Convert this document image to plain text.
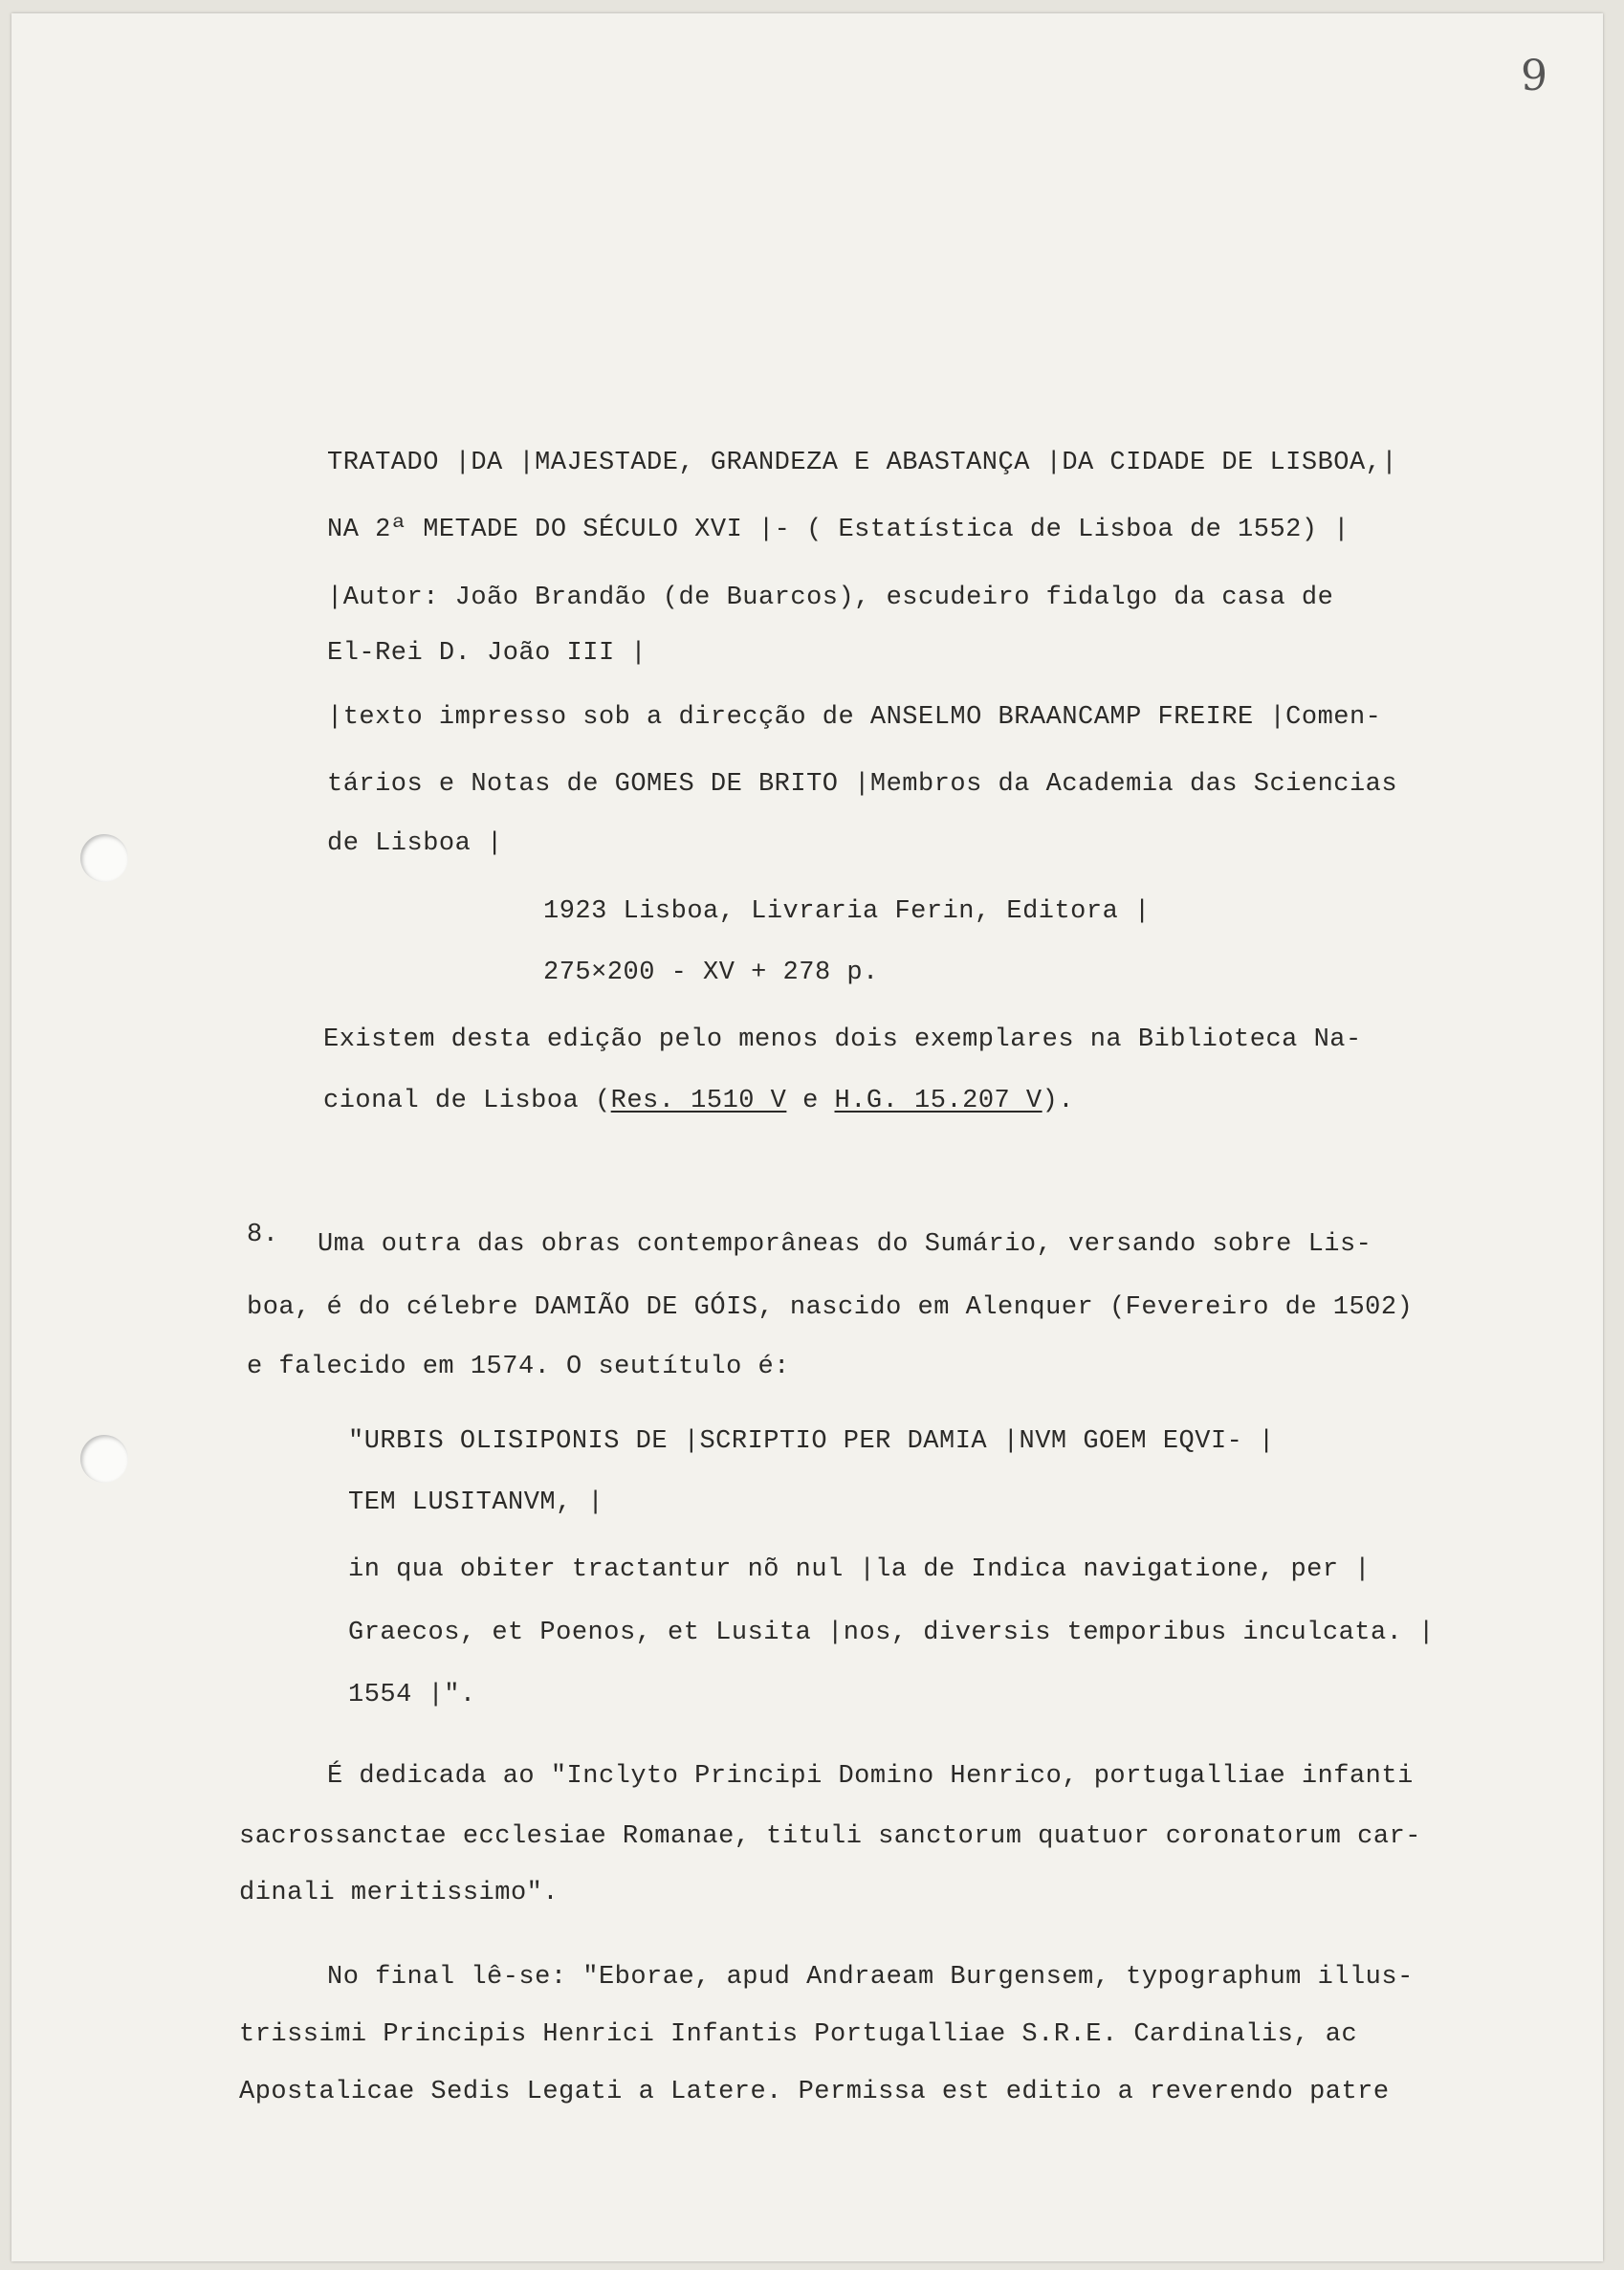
9
TRATADO |DA |MAJESTADE, GRANDEZA E ABASTANÇA |DA CIDADE DE LISBOA,|
NA 2ª METADE DO SÉCULO XVI |- ( Estatística de Lisboa de 1552) |
|Autor: João Brandão (de Buarcos), escudeiro fidalgo da casa de
El-Rei D. João III |
|texto impresso sob a direcção de ANSELMO BRAANCAMP FREIRE |Comen-
tários e Notas de GOMES DE BRITO |Membros da Academia das Sciencias
de Lisboa |
1923 Lisboa, Livraria Ferin, Editora |
275×200 - XV + 278 p.
Existem desta edição pelo menos dois exemplares na Biblioteca Na-
cional de Lisboa (Res. 1510 V e H.G. 15.207 V).
8. Uma outra das obras contemporâneas do Sumário, versando sobre Lis-
boa, é do célebre DAMIÃO DE GÓIS, nascido em Alenquer (Fevereiro de 1502)
e falecido em 1574. O seutítulo é:
"URBIS OLISIPONIS DE |SCRIPTIO PER DAMIA |NVM GOEM EQVI- |
TEM LUSITANVM, |
in qua obiter tractantur nõ nul |la de Indica navigatione, per |
Graecos, et Poenos, et Lusita |nos, diversis temporibus inculcata. |
1554 |".
É dedicada ao "Inclyto Principi Domino Henrico, portugalliae infanti
sacrossanctae ecclesiae Romanae, tituli sanctorum quatuor coronatorum car-
dinali meritissimo".
No final lê-se: "Eborae, apud Andraeam Burgensem, typographum illus-
trissimi Principis Henrici Infantis Portugalliae S.R.E. Cardinalis, ac
Apostalicae Sedis Legati a Latere. Permissa est editio a reverendo patre
